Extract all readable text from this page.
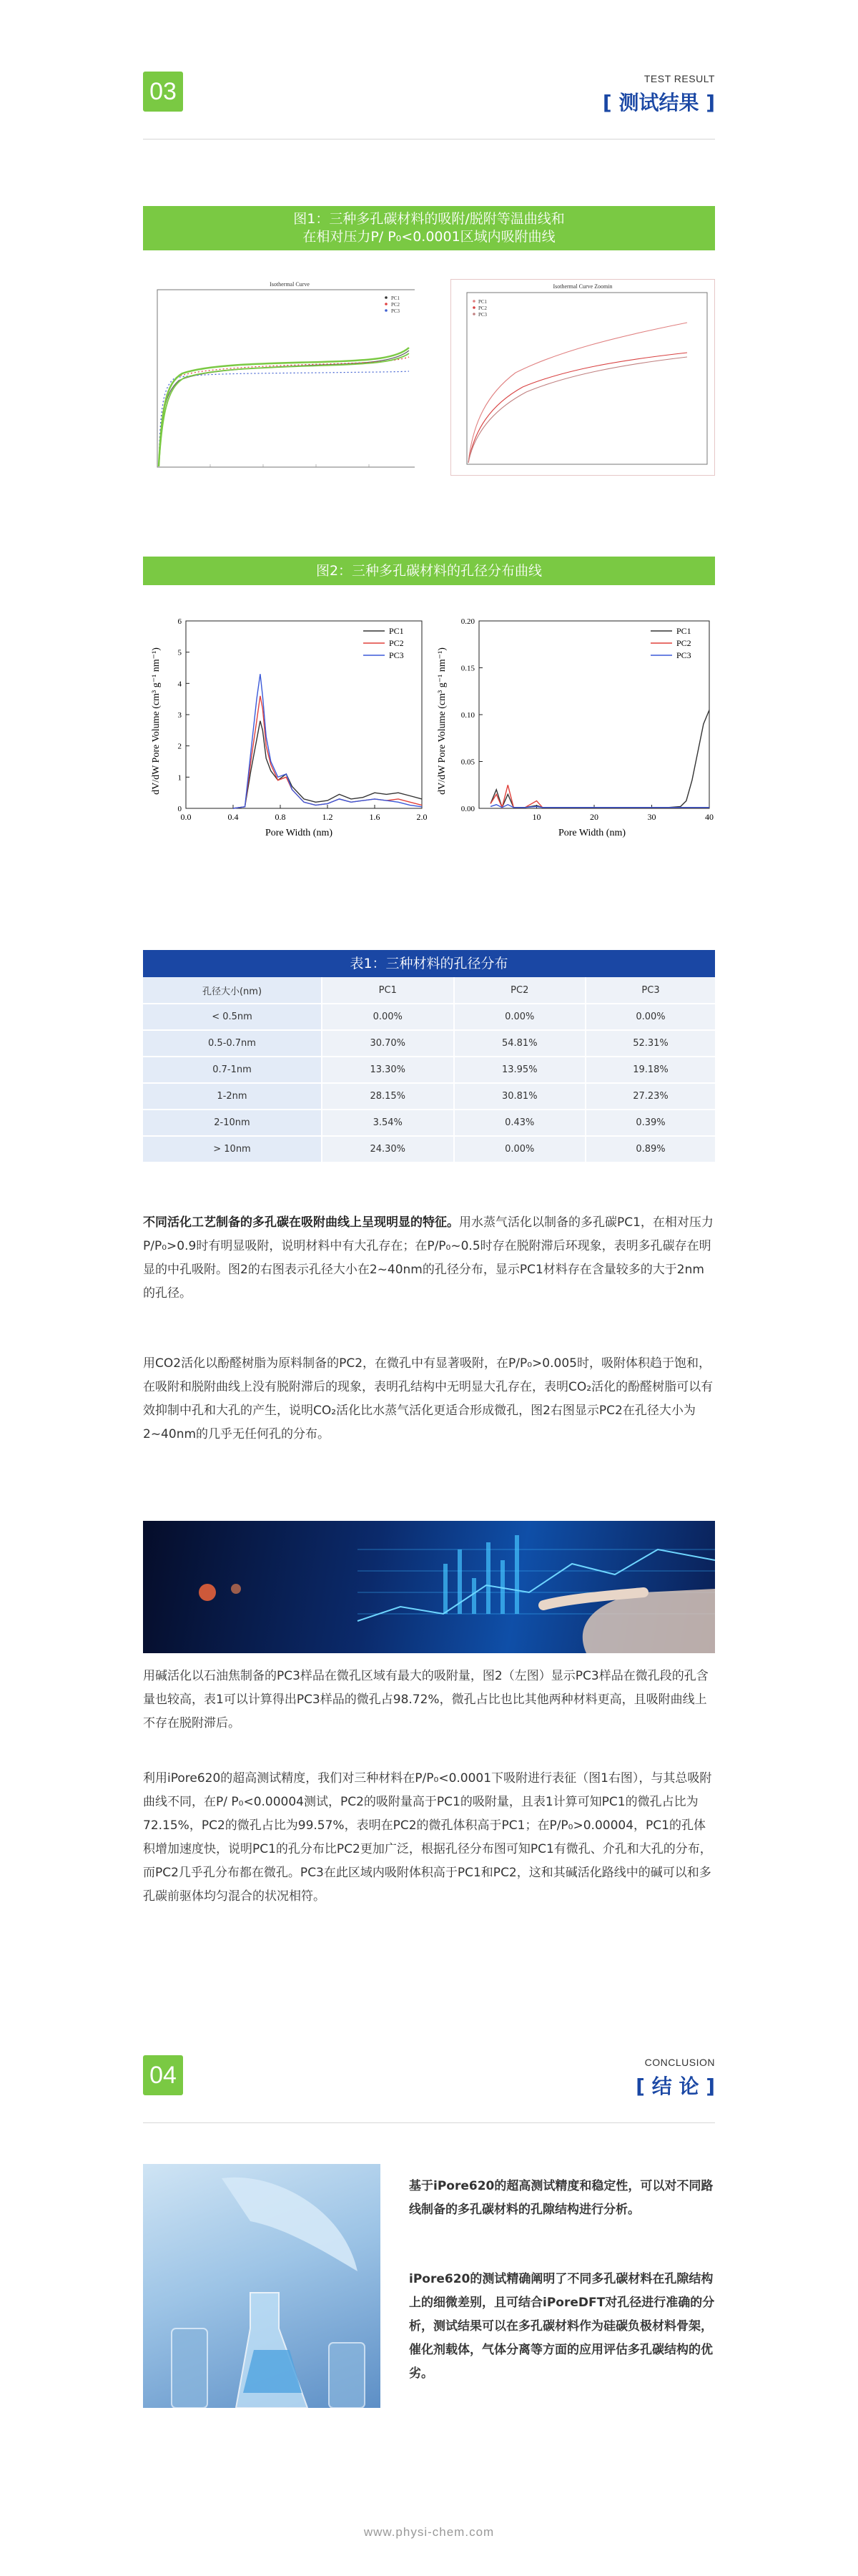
03	TEST RESULT
[ 测试结果 ]
图1：三种多孔碳材料的吸附/脱附等温曲线和
在相对压力P/ P₀<0.0001区域内吸附曲线
Isothermal Curve
PC1
PC2
PC3
Isothermal Curve Zoomin
PC1
PC2
PC3
图2：三种多孔碳材料的孔径分布曲线
dV/dW Pore Volume (cm³ g⁻¹ nm⁻¹)
Pore Width (nm)
0.0	0.4	0.8	1.2	1.6	2.0
0
1
2
3
4
5
6
PC1
PC2
PC3	dV/dW Pore Volume (cm³ g⁻¹ nm⁻¹)
Pore Width (nm)
10	20	30	40
0.00
0.05
0.10
0.15
0.20
PC1
PC2
PC3
表1：三种材料的孔径分布
孔径大小(nm)	PC1	PC2	PC3
< 0.5nm	0.00%	0.00%	0.00%
0.5-0.7nm	30.70%	54.81%	52.31%
0.7-1nm	13.30%	13.95%	19.18%
1-2nm	28.15%	30.81%	27.23%
2-10nm	3.54%	0.43%	0.39%
> 10nm	24.30%	0.00%	0.89%
不同活化工艺制备的多孔碳在吸附曲线上呈现明显的特征。用水蒸气活化以制备的多孔碳PC1，在相对压力P/P₀>0.9时有明显吸附，说明材料中有大孔存在；在P/P₀~0.5时存在脱附滞后环现象，表明多孔碳存在明显的中孔吸附。图2的右图表示孔径大小在2~40nm的孔径分布，显示PC1材料存在含量较多的大于2nm的孔径。
用CO2活化以酚醛树脂为原料制备的PC2，在微孔中有显著吸附，在P/P₀>0.005时，吸附体积趋于饱和，在吸附和脱附曲线上没有脱附滞后的现象，表明孔结构中无明显大孔存在，表明CO₂活化的酚醛树脂可以有效抑制中孔和大孔的产生，说明CO₂活化比水蒸气活化更适合形成微孔，图2右图显示PC2在孔径大小为2~40nm的几乎无任何孔的分布。
用碱活化以石油焦制备的PC3样品在微孔区域有最大的吸附量，图2（左图）显示PC3样品在微孔段的孔含量也较高，表1可以计算得出PC3样品的微孔占98.72%，微孔占比也比其他两种材料更高，且吸附曲线上不存在脱附滞后。
利用iPore620的超高测试精度，我们对三种材料在P/P₀<0.0001下吸附进行表征（图1右图），与其总吸附曲线不同，在P/ P₀<0.00004测试，PC2的吸附量高于PC1的吸附量，且表1计算可知PC1的微孔占比为72.15%，PC2的微孔占比为99.57%，表明在PC2的微孔体积高于PC1；在P/P₀>0.00004，PC1的孔体积增加速度快，说明PC1的孔分布比PC2更加广泛，根据孔径分布图可知PC1有微孔、介孔和大孔的分布，而PC2几乎孔分布都在微孔。PC3在此区域内吸附体积高于PC1和PC2，这和其碱活化路线中的碱可以和多孔碳前驱体均匀混合的状况相符。
04	CONCLUSION
[ 结 论 ]
基于iPore620的超高测试精度和稳定性，可以对不同路线制备的多孔碳材料的孔隙结构进行分析。
iPore620的测试精确阐明了不同多孔碳材料在孔隙结构上的细微差别，且可结合iPoreDFT对孔径进行准确的分析，测试结果可以在多孔碳材料作为硅碳负极材料骨架，催化剂载体，气体分离等方面的应用评估多孔碳结构的优劣。
www.physi-chem.com
